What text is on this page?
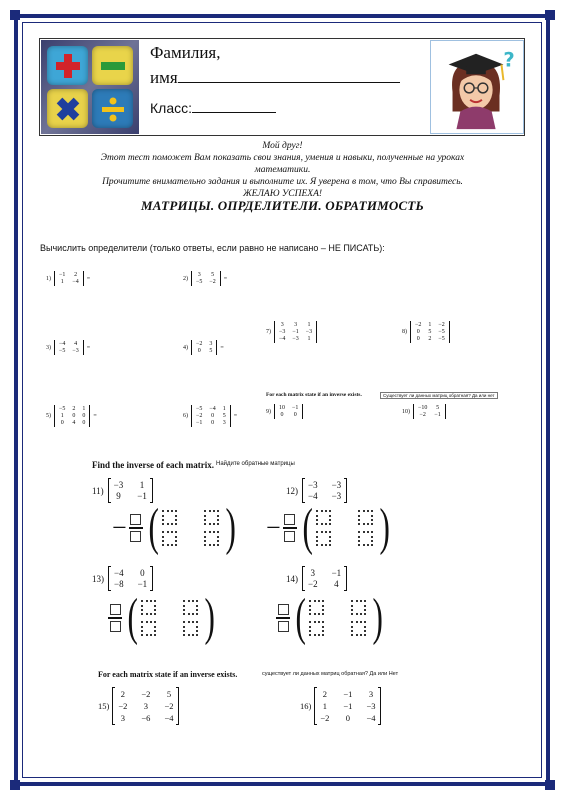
Фамилия,
имя
Класс:
?
Мой друг!
Этот тест поможет Вам показать свои знания, умения и навыки, полученные на уроках
математики.
Прочитите внимательно задания и выполните их. Я уверена в том, что Вы справитесь.
ЖЕЛАЮ УСПЕХА!
МАТРИЦЫ. ОПРДЕЛИТЕЛИ. ОБРАТИМОСТЬ
Вычислить определители (только ответы, если равно не написано – НЕ ПИСАТЬ):
1)
−1 2
1 −4
=	2)
3 5
−5 −2
=
7)
3 3 1
−3 −1 −3
−4 −3 1
8)
−2 1 −2
0 5 −5
0 2 −5
3)
−4 4
−5 −3
=	4)
−2 3
0 5
=
For each matrix state if an inverse exists.	Существует ли данных матриц обратная? Да или нет
5)
−5 2 1
1 0 0
0 4 0
=	6)
−5 −4 1
−2 0 5
−1 0 3
=
9)
10 −1
0 0
10)
−10 5
−2 −1
Find the inverse of each matrix. Найдите обратные матрицы
11)
−3 1
9 −1
12)
−3 −3
−4 −3
− ( ) − ( )
13)
−4 0
−8 −1
14)
3 −1
−2 4
( ) ( )
For each matrix state if an inverse exists.	существует ли данных матриц обратная? Да или Нет
15)
2 −2 5
−2 3 −2
3 −6 −4
16)
2 −1 3
1 −1 −3
−2 0 −4
